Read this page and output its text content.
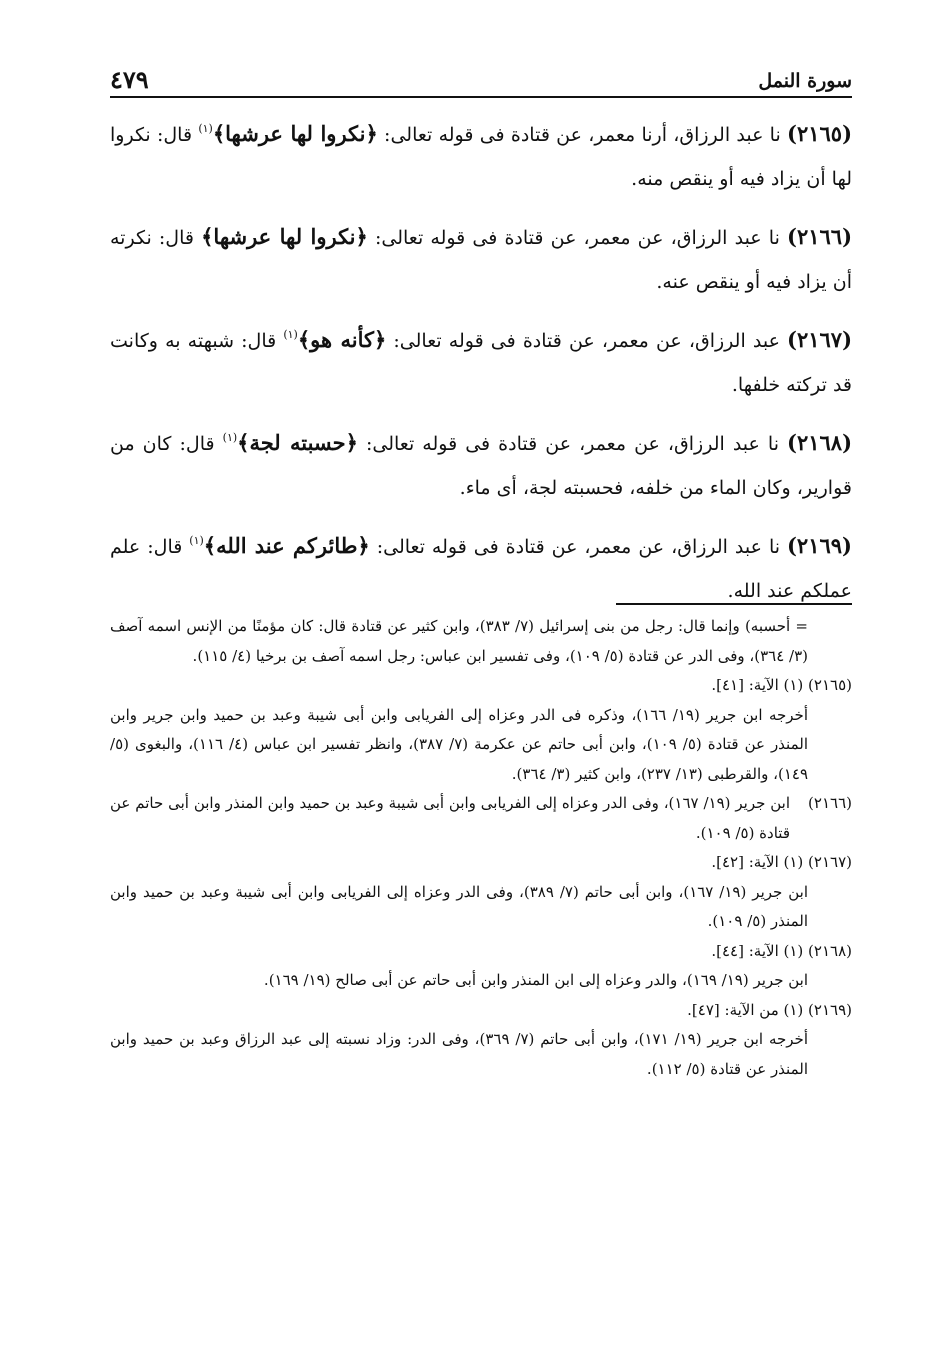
سورة النمل
٤٧٩

(٢١٦٥) نا عبد الرزاق، أرنا معمر، عن قتادة فى قوله تعالى: ﴿نكروا لها عرشها﴾$^{(١)}$ قال: نكروا لها أن يزاد فيه أو ينقص منه.

(٢١٦٦) نا عبد الرزاق، عن معمر، عن قتادة فى قوله تعالى: ﴿نكروا لها عرشها﴾ قال: نكرته أن يزاد فيه أو ينقص عنه.

(٢١٦٧) عبد الرزاق، عن معمر، عن قتادة فى قوله تعالى: ﴿كأنه هو﴾$^{(١)}$ قال: شبهته به وكانت قد تركته خلفها.

(٢١٦٨) نا عبد الرزاق، عن معمر، عن قتادة فى قوله تعالى: ﴿حسبته لجة﴾$^{(١)}$ قال: كان من قوارير، وكان الماء من خلفه، فحسبته لجة، أى ماء.

(٢١٦٩) نا عبد الرزاق، عن معمر، عن قتادة فى قوله تعالى: ﴿طائركم عند الله﴾$^{(١)}$ قال: علم عملكم عند الله.

= أحسبه) وإنما قال: رجل من بنى إسرائيل (٧/ ٣٨٣)، وابن كثير عن قتادة قال: كان مؤمنًا من الإنس اسمه آصف (٣/ ٣٦٤)، وفى الدر عن قتادة (٥/ ١٠٩)، وفى تفسير ابن عباس: رجل اسمه آصف بن برخيا (٤/ ١١٥).
(٢١٦٥) (١) الآية: [٤١].
أخرجه ابن جرير (١٩/ ١٦٦)، وذكره فى الدر وعزاه إلى الفريابى وابن أبى شيبة وعبد بن حميد وابن جرير وابن المنذر عن قتادة (٥/ ١٠٩)، وابن أبى حاتم عن عكرمة (٧/ ٣٨٧)، وانظر تفسير ابن عباس (٤/ ١١٦)، والبغوى (٥/ ١٤٩)، والقرطبى (١٣/ ٢٣٧)، وابن كثير (٣/ ٣٦٤).
(٢١٦٦)
ابن جرير (١٩/ ١٦٧)، وفى الدر وعزاه إلى الفريابى وابن أبى شيبة وعبد بن حميد وابن المنذر وابن أبى حاتم عن قتادة (٥/ ١٠٩).
(٢١٦٧) (١) الآية: [٤٢].
ابن جرير (١٩/ ١٦٧)، وابن أبى حاتم (٧/ ٣٨٩)، وفى الدر وعزاه إلى الفريابى وابن أبى شيبة وعبد بن حميد وابن المنذر (٥/ ١٠٩).
(٢١٦٨) (١) الآية: [٤٤].
ابن جرير (١٩/ ١٦٩)، والدر وعزاه إلى ابن المنذر وابن أبى حاتم عن أبى صالح (١٩/ ١٦٩).
(٢١٦٩) (١) من الآية: [٤٧].
أخرجه ابن جرير (١٩/ ١٧١)، وابن أبى حاتم (٧/ ٣٦٩)، وفى الدر: وزاد نسبته إلى عبد الرزاق وعبد بن حميد وابن المنذر عن قتادة (٥/ ١١٢).
